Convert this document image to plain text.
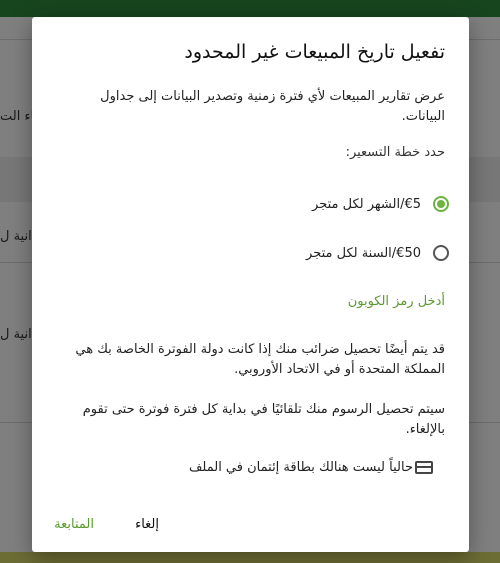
تفعيل تاريخ المبيعات غير المحدود
عرض تقارير المبيعات لأي فترة زمنية وتصدير البيانات إلى جداول البيانات.
حدد خطة التسعير:
€5/الشهر لكل متجر
€50/السنة لكل متجر
أدخل رمز الكوبون
قد يتم أيضًا تحصيل ضرائب منك إذا كانت دولة الفوترة الخاصة بك هي المملكة المتحدة أو في الاتحاد الأوروبي.
سيتم تحصيل الرسوم منك تلقائيًا في بداية كل فترة فوترة حتى تقوم بالإلغاء.
حالياً ليست هنالك بطاقة إئتمان في الملف
إلغاء
المتابعة
